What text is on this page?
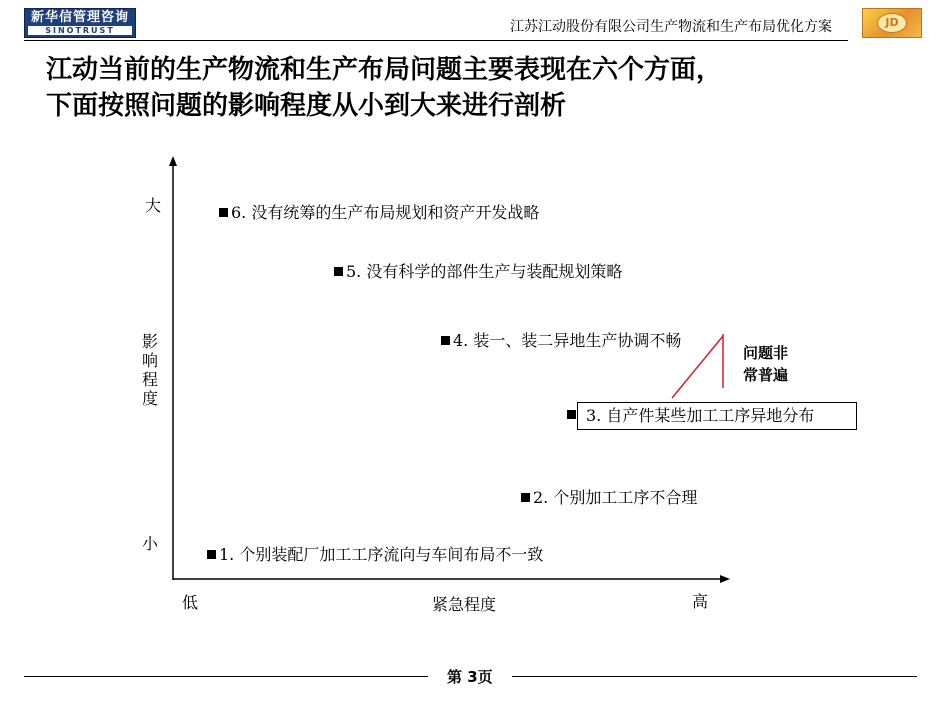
新华信管理咨询
SINOTRUST	江苏江动股份有限公司生产物流和生产布局优化方案	JD
江动当前的生产物流和生产布局问题主要表现在六个方面，
下面按照问题的影响程度从小到大来进行剖析
大
影响程度
小
低	紧急程度	高
6. 没有统筹的生产布局规划和资产开发战略
5. 没有科学的部件生产与装配规划策略
4. 装一、装二异地生产协调不畅
3. 自产件某些加工工序异地分布
2. 个别加工工序不合理
1. 个别装配厂加工工序流向与车间布局不一致
问题非
常普遍
第 3页
